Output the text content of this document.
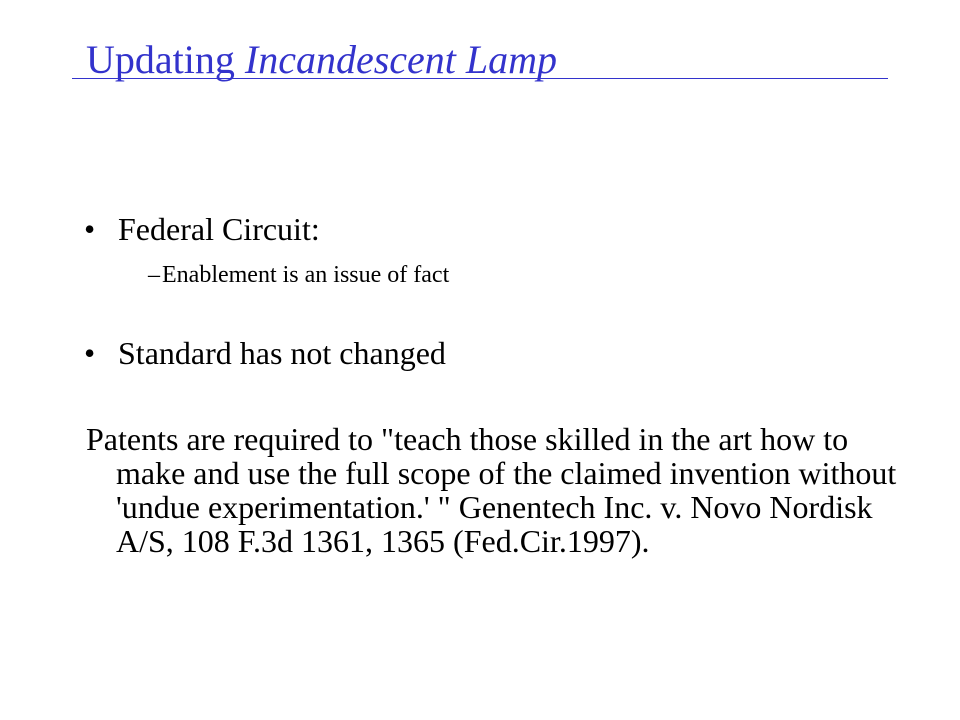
Updating Incandescent Lamp
• Federal Circuit:
– Enablement is an issue of fact
• Standard has not changed
Patents are required to "teach those skilled in the art how to make and use the full scope of the claimed invention without 'undue experimentation.' " Genentech Inc. v. Novo Nordisk A/S, 108 F.3d 1361, 1365 (Fed.Cir.1997).
